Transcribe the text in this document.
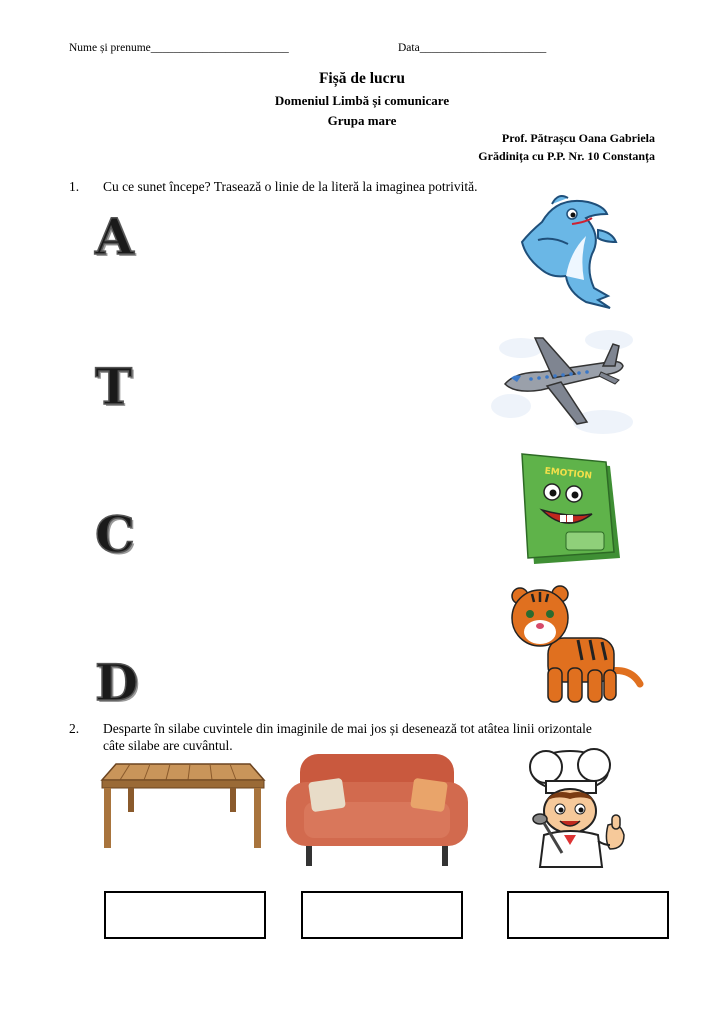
Nume și prenume________________________	Data______________________
Fișă de lucru
Domeniul Limbă și comunicare
Grupa mare
Prof. Pătrașcu Oana Gabriela
Grădinița cu P.P. Nr. 10 Constanța
1. Cu ce sunet începe? Trasează o linie de la literă la imaginea potrivită.
A
T
C
D
EMOTION
2. Desparte în silabe cuvintele din imaginile de mai jos și desenează tot atâtea linii orizontale
câte silabe are cuvântul.
